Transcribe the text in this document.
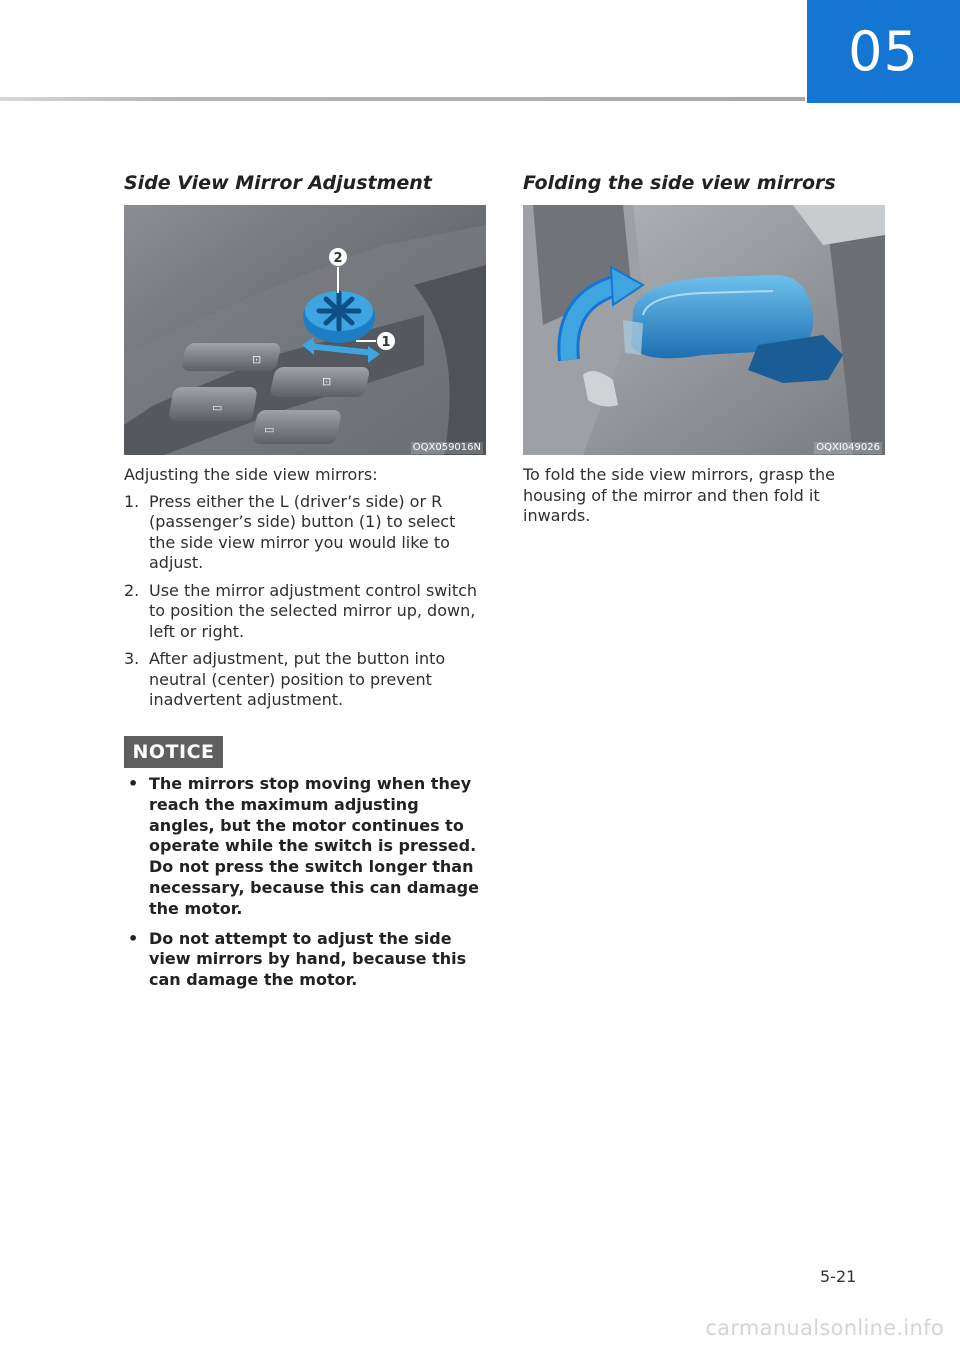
05
Side View Mirror Adjustment
⊡
⊡
▭
▭
2
1
OQX059016N
Adjusting the side view mirrors:
1. Press either the L (driver’s side) or R (passenger’s side) button (1) to select the side view mirror you would like to adjust.
2. Use the mirror adjustment control switch to position the selected mirror up, down, left or right.
3. After adjustment, put the button into neutral (center) position to prevent inadvertent adjustment.
NOTICE
• The mirrors stop moving when they reach the maximum adjusting angles, but the motor continues to operate while the switch is pressed. Do not press the switch longer than necessary, because this can damage the motor.
• Do not attempt to adjust the side view mirrors by hand, because this can damage the motor.
Folding the side view mirrors
OQXI049026
To fold the side view mirrors, grasp the housing of the mirror and then fold it inwards.
5-21
carmanualsonline.info
